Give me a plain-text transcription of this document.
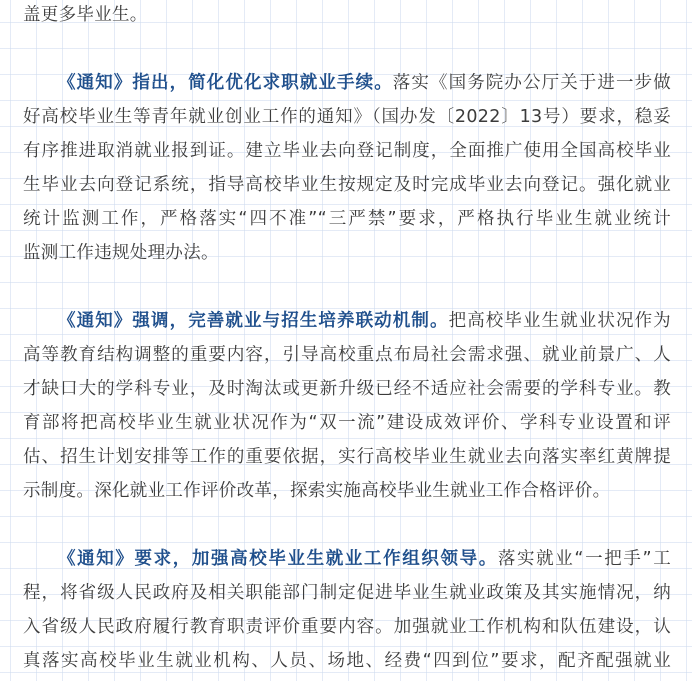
盖更多毕业生。
《通知》指出，简化优化求职就业手续。落实《国务院办公厅关于进一步做
好高校毕业生等青年就业创业工作的通知》（国办发〔2022〕13号）要求，稳妥
有序推进取消就业报到证。建立毕业去向登记制度，全面推广使用全国高校毕业
生毕业去向登记系统，指导高校毕业生按规定及时完成毕业去向登记。强化就业
统计监测工作，严格落实“四不准”“三严禁”要求，严格执行毕业生就业统计
监测工作违规处理办法。
《通知》强调，完善就业与招生培养联动机制。把高校毕业生就业状况作为
高等教育结构调整的重要内容，引导高校重点布局社会需求强、就业前景广、人
才缺口大的学科专业，及时淘汰或更新升级已经不适应社会需要的学科专业。教
育部将把高校毕业生就业状况作为“双一流”建设成效评价、学科专业设置和评
估、招生计划安排等工作的重要依据，实行高校毕业生就业去向落实率红黄牌提
示制度。深化就业工作评价改革，探索实施高校毕业生就业工作合格评价。
《通知》要求，加强高校毕业生就业工作组织领导。落实就业“一把手”工
程，将省级人民政府及相关职能部门制定促进毕业生就业政策及其实施情况，纳
入省级人民政府履行教育职责评价重要内容。加强就业工作机构和队伍建设，认
真落实高校毕业生就业机构、人员、场地、经费“四到位”要求，配齐配强就业
